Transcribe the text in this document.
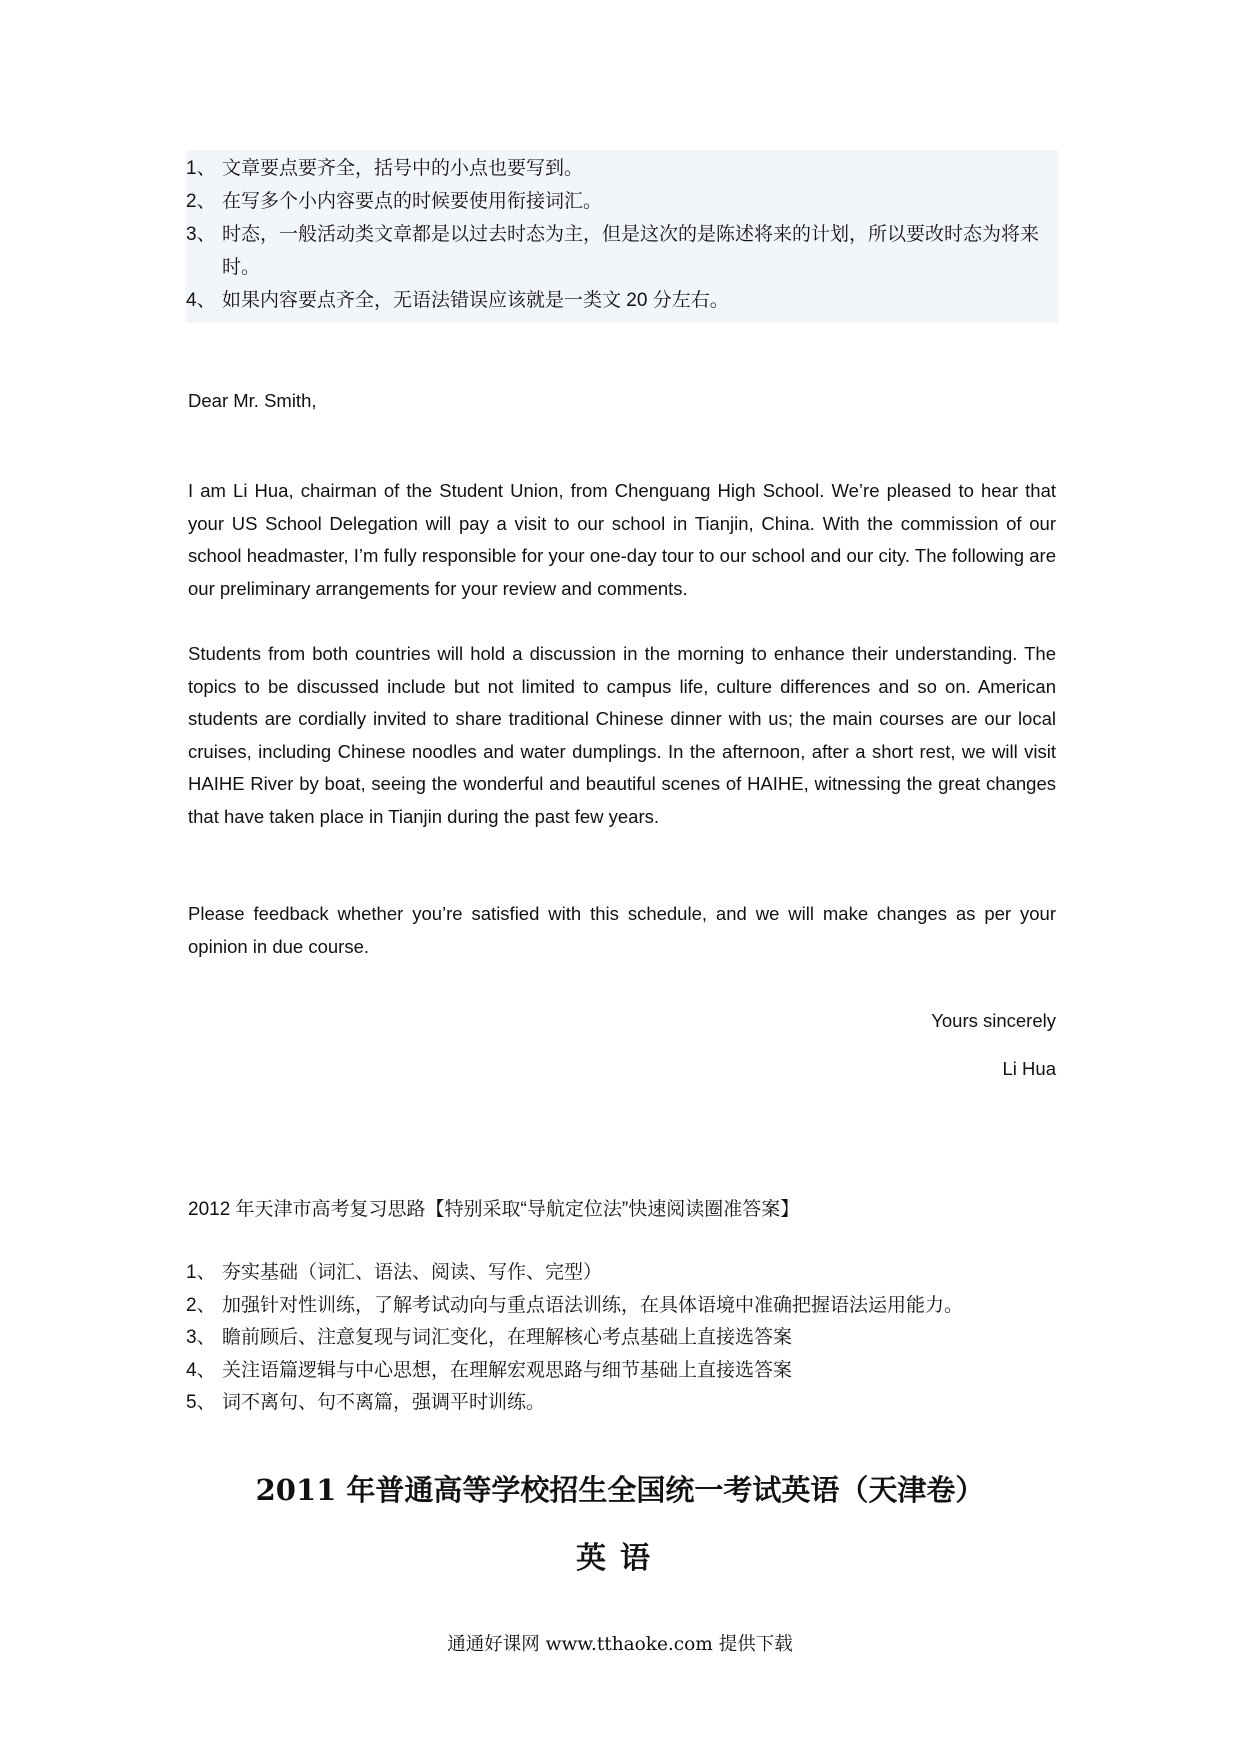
1、 文章要点要齐全，括号中的小点也要写到。
2、 在写多个小内容要点的时候要使用衔接词汇。
3、 时态，一般活动类文章都是以过去时态为主，但是这次的是陈述将来的计划，所以要改时态为将来时。
4、 如果内容要点齐全，无语法错误应该就是一类文 20 分左右。
Dear Mr. Smith,
I am Li Hua, chairman of the Student Union, from Chenguang High School. We’re pleased to hear that your US School Delegation will pay a visit to our school in Tianjin, China. With the commission of our school headmaster, I’m fully responsible for your one-day tour to our school and our city. The following are our preliminary arrangements for your review and comments.
Students from both countries will hold a discussion in the morning to enhance their understanding. The topics to be discussed include but not limited to campus life, culture differences and so on. American students are cordially invited to share traditional Chinese dinner with us; the main courses are our local cruises, including Chinese noodles and water dumplings. In the afternoon, after a short rest, we will visit HAIHE River by boat, seeing the wonderful and beautiful scenes of HAIHE, witnessing the great changes that have taken place in Tianjin during the past few years.
Please feedback whether you’re satisfied with this schedule, and we will make changes as per your opinion in due course.
Yours sincerely
Li Hua
2012 年天津市高考复习思路【特别采取“导航定位法”快速阅读圈准答案】
1、 夯实基础（词汇、语法、阅读、写作、完型）
2、 加强针对性训练，了解考试动向与重点语法训练，在具体语境中准确把握语法运用能力。
3、 瞻前顾后、注意复现与词汇变化，在理解核心考点基础上直接选答案
4、 关注语篇逻辑与中心思想，在理解宏观思路与细节基础上直接选答案
5、 词不离句、句不离篇，强调平时训练。
2011 年普通高等学校招生全国统一考试英语（天津卷）
英语
通通好课网 www.tthaoke.com 提供下载
